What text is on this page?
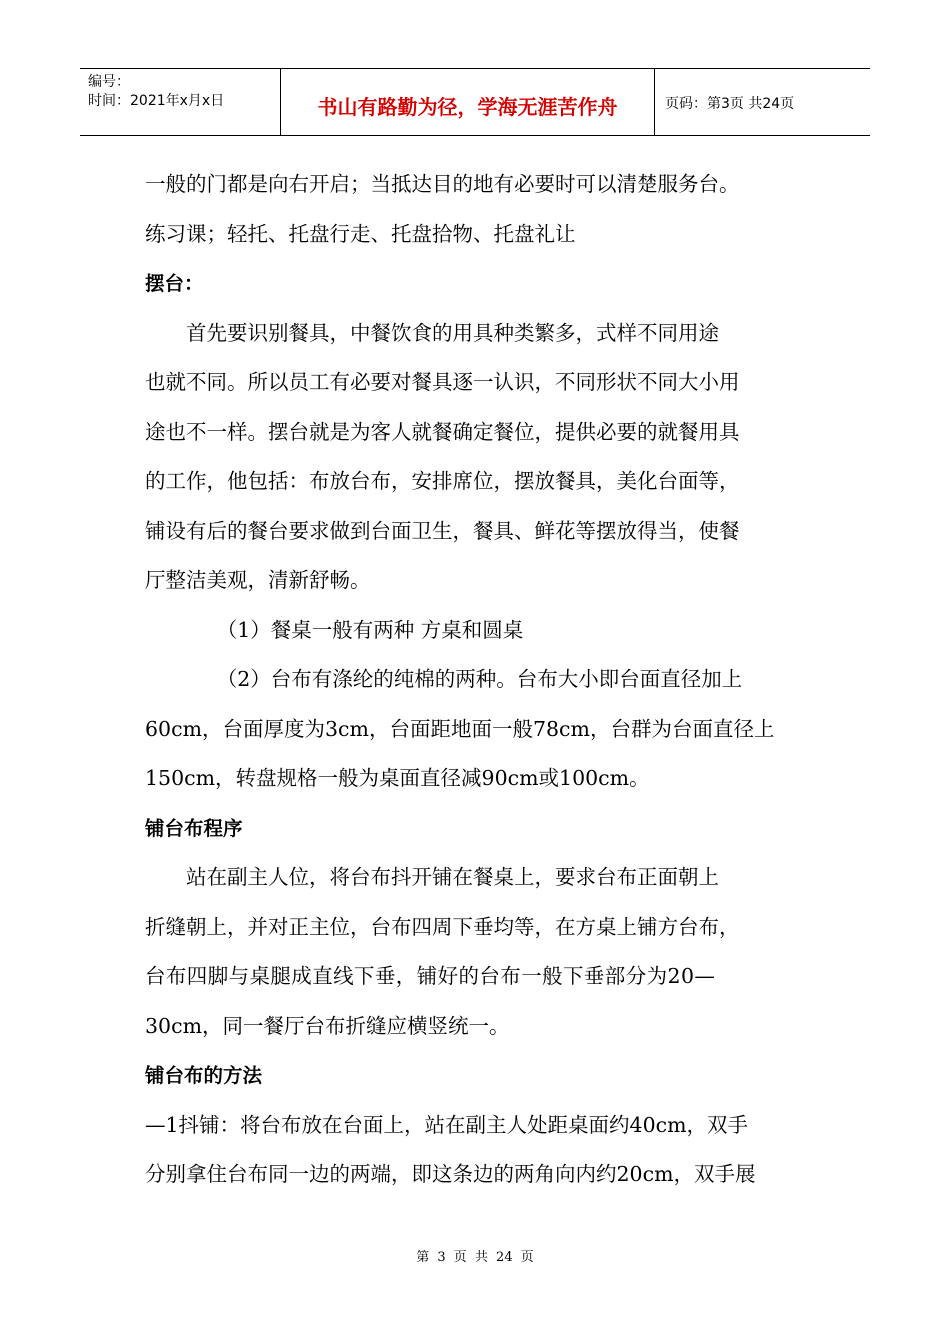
编号：
时间：2021年x月x日	书山有路勤为径，学海无涯苦作舟	页码：第3页 共24页

一般的门都是向右开启；当抵达目的地有必要时可以清楚服务台。

练习课；轻托、托盘行走、托盘拾物、托盘礼让

摆台：

首先要识别餐具，中餐饮食的用具种类繁多，式样不同用途

也就不同。所以员工有必要对餐具逐一认识，不同形状不同大小用

途也不一样。摆台就是为客人就餐确定餐位，提供必要的就餐用具

的工作，他包括：布放台布，安排席位，摆放餐具，美化台面等，

铺设有后的餐台要求做到台面卫生，餐具、鲜花等摆放得当，使餐

厅整洁美观，清新舒畅。

（1）餐桌一般有两种 方桌和圆桌

（2）台布有涤纶的纯棉的两种。台布大小即台面直径加上

60cm，台面厚度为3cm，台面距地面一般78cm，台群为台面直径上

150cm，转盘规格一般为桌面直径减90cm或100cm。

铺台布程序

站在副主人位，将台布抖开铺在餐桌上，要求台布正面朝上

折缝朝上，并对正主位，台布四周下垂均等，在方桌上铺方台布，

台布四脚与桌腿成直线下垂，铺好的台布一般下垂部分为20—

30cm，同一餐厅台布折缝应横竖统一。

铺台布的方法

—1抖铺：将台布放在台面上，站在副主人处距桌面约40cm，双手

分别拿住台布同一边的两端，即这条边的两角向内约20cm，双手展

第 3 页 共 24 页
